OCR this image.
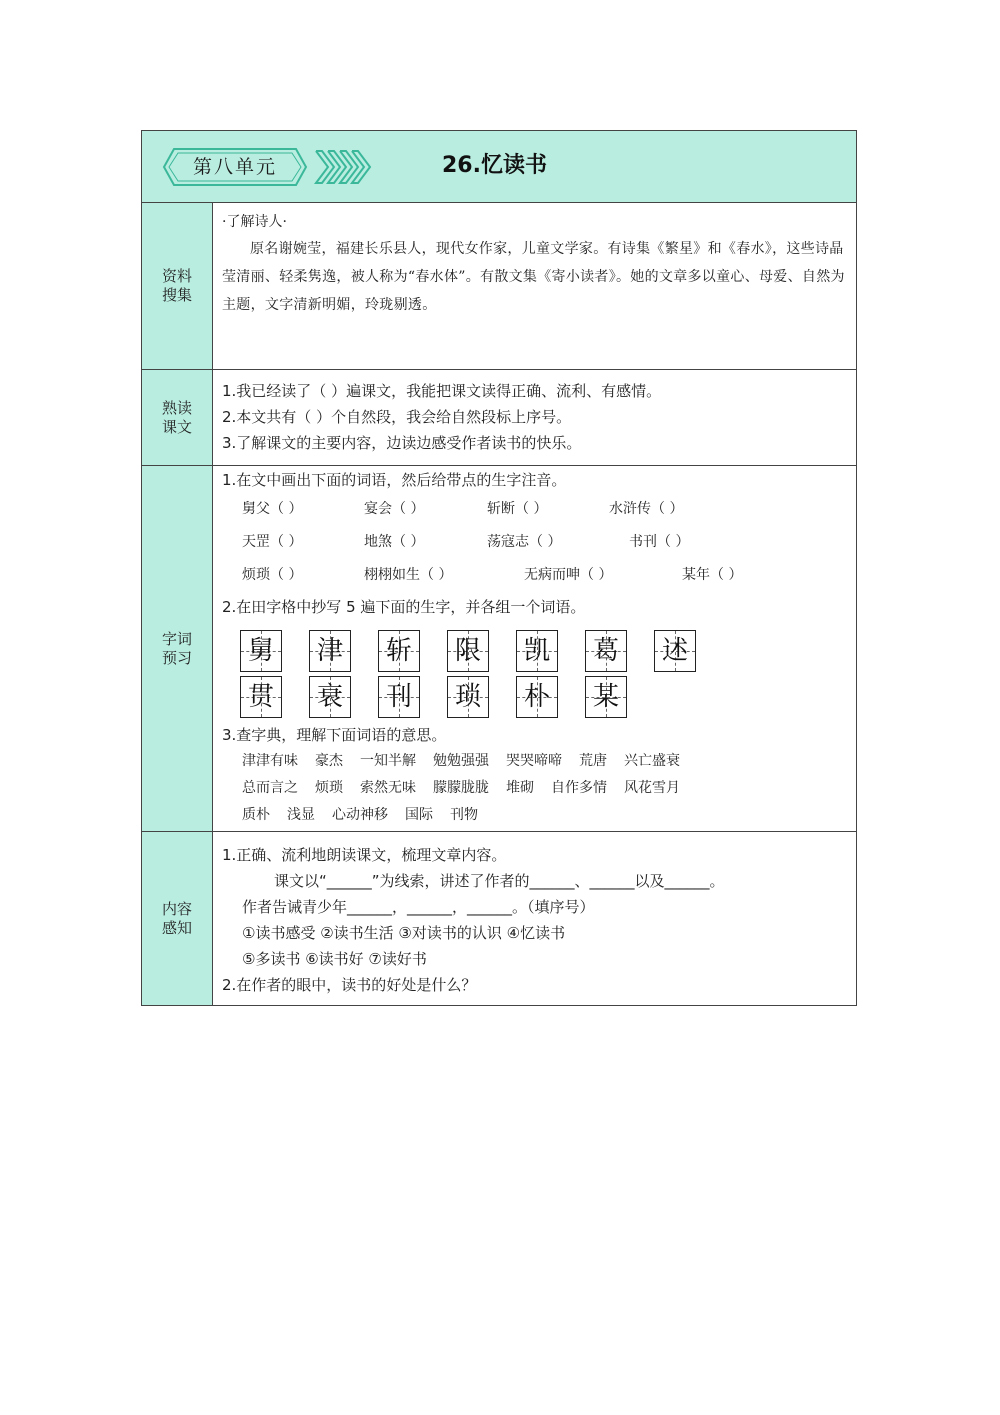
第八单元	26.忆读书
资料搜集
·了解诗人·

原名谢婉莹，福建长乐县人，现代女作家，儿童文学家。有诗集《繁星》和《春水》，这些诗晶莹清丽、轻柔隽逸，被人称为“春水体”。有散文集《寄小读者》。她的文章多以童心、母爱、自然为主题，文字清新明媚，玲珑剔透。

熟读课文
1.我已经读了（ ）遍课文，我能把课文读得正确、流利、有感情。
2.本文共有（ ）个自然段，我会给自然段标上序号。
3.了解课文的主要内容，边读边感受作者读书的快乐。
字词预习
1.在文中画出下面的词语，然后给带点的生字注音。
舅父（ ）	宴会（ ）	斩断（ ）	水浒传（ ）
天罡（ ）	地煞（ ）	荡寇志（ ）	书刊（ ）
烦琐（ ）	栩栩如生（ ）	无病而呻（ ）	某年（ ）
2.在田字格中抄写 5 遍下面的生字，并各组一个词语。
舅	津	斩	限	凯	葛	述
贯	衰	刊	琐	朴	某
3.查字典，理解下面词语的意思。
津津有味 豪杰 一知半解 勉勉强强 哭哭啼啼 荒唐 兴亡盛衰
总而言之 烦琐 索然无味 朦朦胧胧 堆砌 自作多情 风花雪月
质朴 浅显 心动神移 国际 刊物
内容感知
1.正确、流利地朗读课文，梳理文章内容。
课文以“______”为线索，讲述了作者的______、______以及______。
作者告诫青少年______，______，______。（填序号）
①读书感受 ②读书生活 ③对读书的认识 ④忆读书
⑤多读书 ⑥读书好 ⑦读好书
2.在作者的眼中，读书的好处是什么？
